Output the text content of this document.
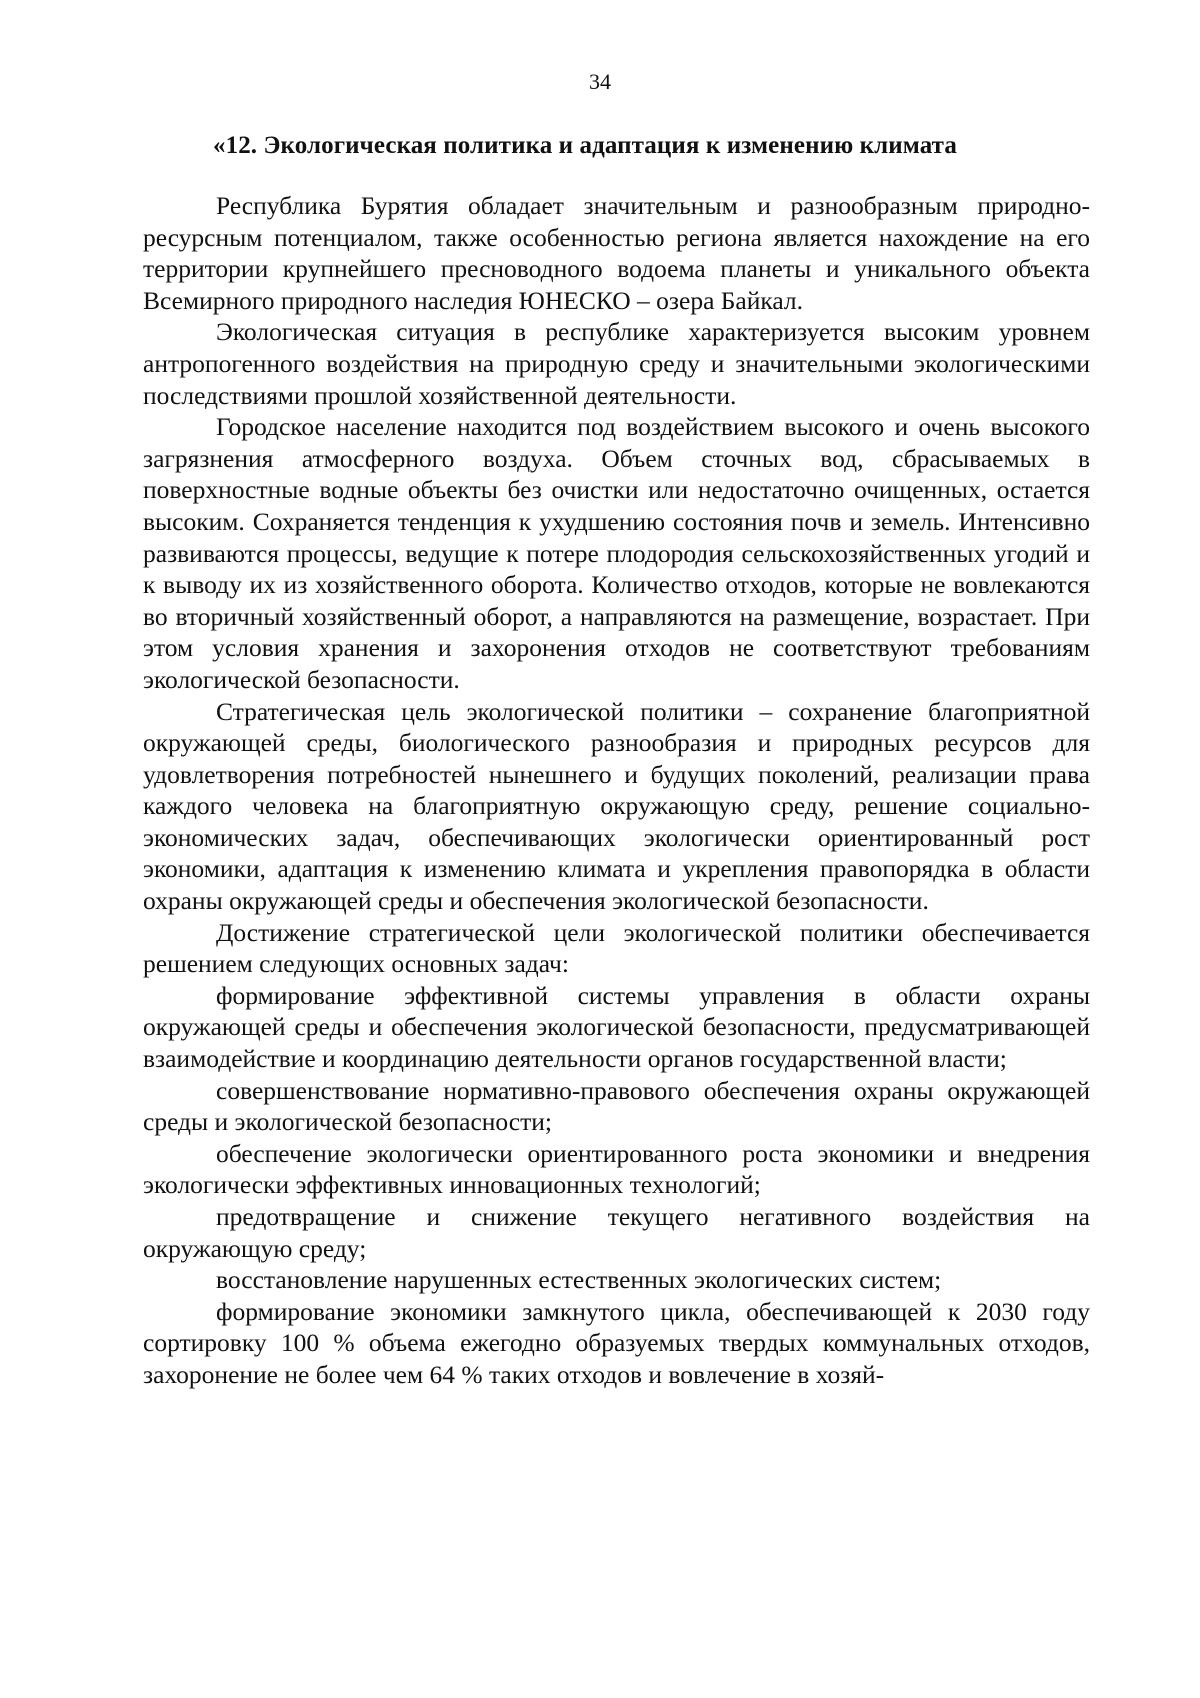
34
«12. Экологическая политика и адаптация к изменению климата

Республика Бурятия обладает значительным и разнообразным природно-ресурсным потенциалом, также особенностью региона является нахождение на его территории крупнейшего пресноводного водоема планеты и уникального объекта Всемирного природного наследия ЮНЕСКО – озера Байкал.

Экологическая ситуация в республике характеризуется высоким уровнем антропогенного воздействия на природную среду и значительными экологическими последствиями прошлой хозяйственной деятельности.

Городское население находится под воздействием высокого и очень высокого загрязнения атмосферного воздуха. Объем сточных вод, сбрасываемых в поверхностные водные объекты без очистки или недостаточно очищенных, остается высоким. Сохраняется тенденция к ухудшению состояния почв и земель. Интенсивно развиваются процессы, ведущие к потере плодородия сельскохозяйственных угодий и к выводу их из хозяйственного оборота. Количество отходов, которые не вовлекаются во вторичный хозяйственный оборот, а направляются на размещение, возрастает. При этом условия хранения и захоронения отходов не соответствуют требованиям экологической безопасности.

Стратегическая цель экологической политики – сохранение благоприятной окружающей среды, биологического разнообразия и природных ресурсов для удовлетворения потребностей нынешнего и будущих поколений, реализации права каждого человека на благоприятную окружающую среду, решение социально-экономических задач, обеспечивающих экологически ориентированный рост экономики, адаптация к изменению климата и укрепления правопорядка в области охраны окружающей среды и обеспечения экологической безопасности.

Достижение стратегической цели экологической политики обеспечивается решением следующих основных задач:

формирование эффективной системы управления в области охраны окружающей среды и обеспечения экологической безопасности, предусматривающей взаимодействие и координацию деятельности органов государственной власти;

совершенствование нормативно-правового обеспечения охраны окружающей среды и экологической безопасности;

обеспечение экологически ориентированного роста экономики и внедрения экологически эффективных инновационных технологий;

предотвращение и снижение текущего негативного воздействия на окружающую среду;

восстановление нарушенных естественных экологических систем;

формирование экономики замкнутого цикла, обеспечивающей к 2030 году сортировку 100 % объема ежегодно образуемых твердых коммунальных отходов, захоронение не более чем 64 % таких отходов и вовлечение в хозяй-
